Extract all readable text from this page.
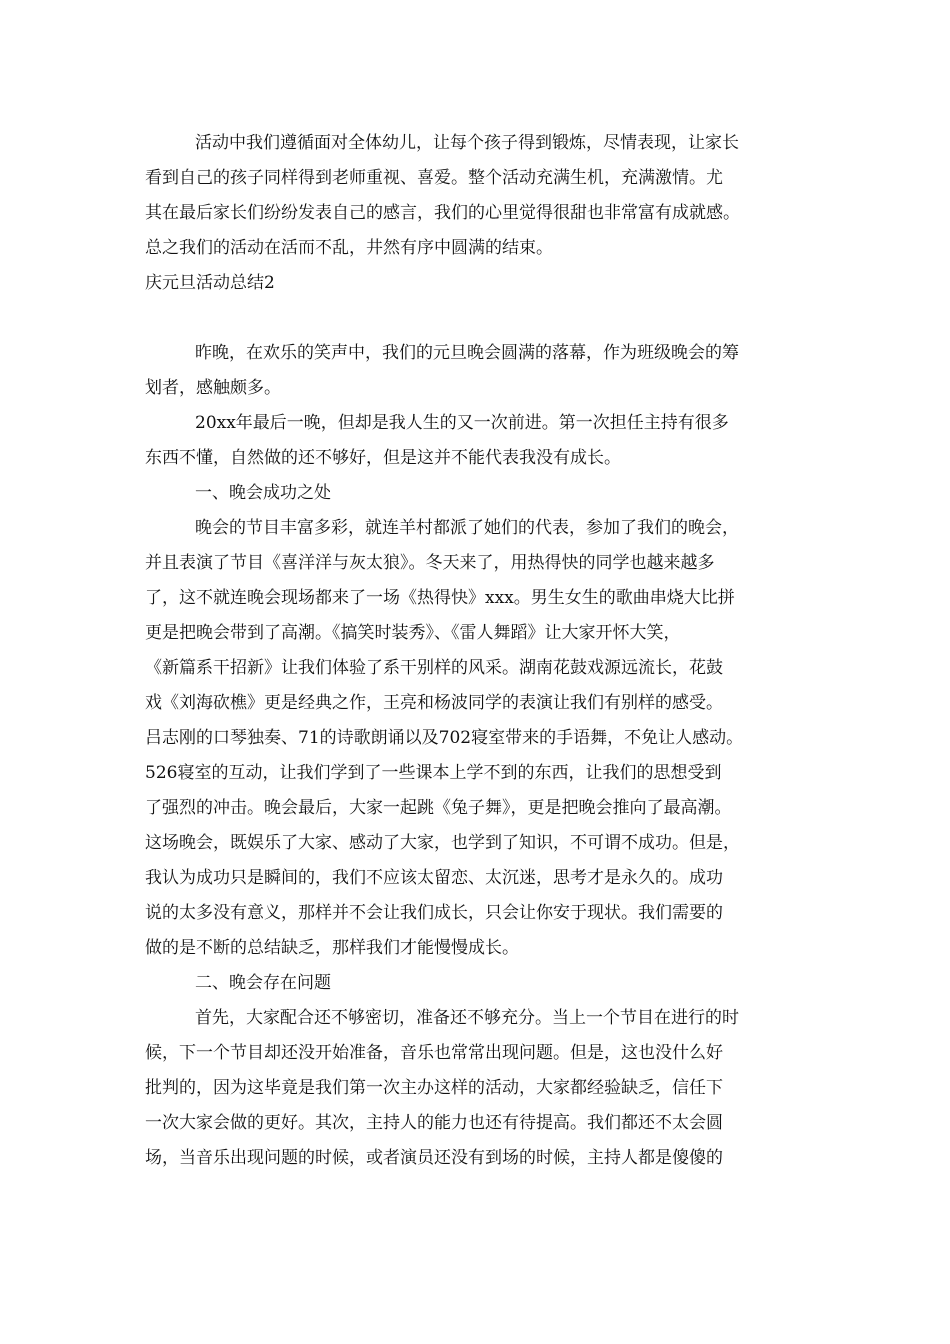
活动中我们遵循面对全体幼儿，让每个孩子得到锻炼，尽情表现，让家长
看到自己的孩子同样得到老师重视、喜爱。整个活动充满生机，充满激情。尤
其在最后家长们纷纷发表自己的感言，我们的心里觉得很甜也非常富有成就感。
总之我们的活动在活而不乱，井然有序中圆满的结束。
庆元旦活动总结2
昨晚，在欢乐的笑声中，我们的元旦晚会圆满的落幕，作为班级晚会的筹
划者，感触颇多。
20xx年最后一晚，但却是我人生的又一次前进。第一次担任主持有很多
东西不懂，自然做的还不够好，但是这并不能代表我没有成长。
一、晚会成功之处
晚会的节目丰富多彩，就连羊村都派了她们的代表，参加了我们的晚会，
并且表演了节目《喜洋洋与灰太狼》。冬天来了，用热得快的同学也越来越多
了，这不就连晚会现场都来了一场《热得快》xxx。男生女生的歌曲串烧大比拼
更是把晚会带到了高潮。《搞笑时装秀》、《雷人舞蹈》让大家开怀大笑，
《新篇系干招新》让我们体验了系干别样的风采。湖南花鼓戏源远流长，花鼓
戏《刘海砍樵》更是经典之作，王亮和杨波同学的表演让我们有别样的感受。
吕志刚的口琴独奏、71的诗歌朗诵以及702寝室带来的手语舞，不免让人感动。
526寝室的互动，让我们学到了一些课本上学不到的东西，让我们的思想受到
了强烈的冲击。晚会最后，大家一起跳《兔子舞》，更是把晚会推向了最高潮。
这场晚会，既娱乐了大家、感动了大家，也学到了知识，不可谓不成功。但是，
我认为成功只是瞬间的，我们不应该太留恋、太沉迷，思考才是永久的。成功
说的太多没有意义，那样并不会让我们成长，只会让你安于现状。我们需要的
做的是不断的总结缺乏，那样我们才能慢慢成长。
二、晚会存在问题
首先，大家配合还不够密切，准备还不够充分。当上一个节目在进行的时
候，下一个节目却还没开始准备，音乐也常常出现问题。但是，这也没什么好
批判的，因为这毕竟是我们第一次主办这样的活动，大家都经验缺乏，信任下
一次大家会做的更好。其次，主持人的能力也还有待提高。我们都还不太会圆
场，当音乐出现问题的时候，或者演员还没有到场的时候，主持人都是傻傻的
